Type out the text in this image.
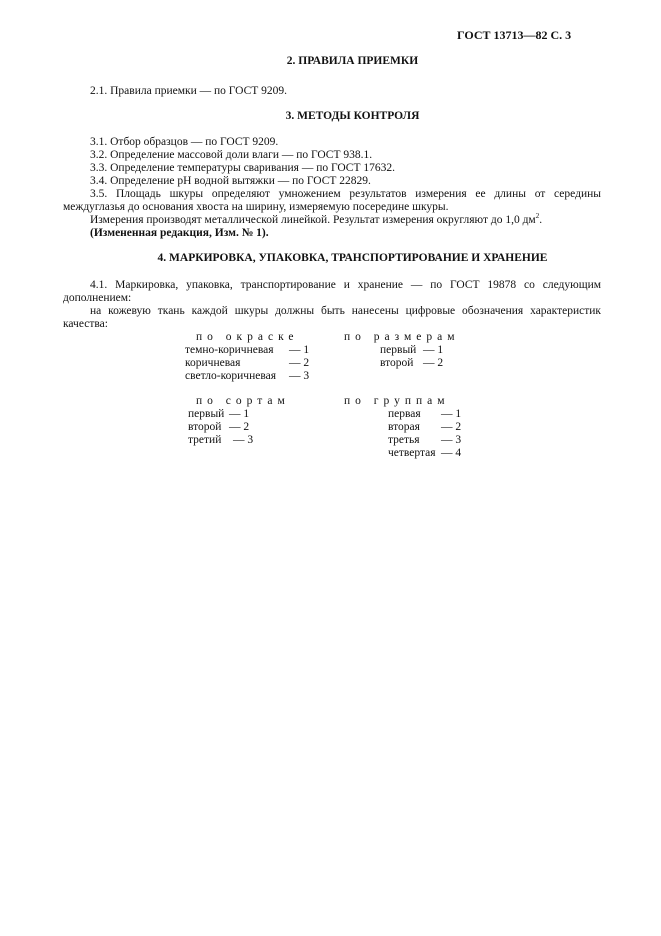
ГОСТ 13713—82 С. 3
2. ПРАВИЛА ПРИЕМКИ
2.1. Правила приемки — по ГОСТ 9209.
3. МЕТОДЫ КОНТРОЛЯ
3.1. Отбор образцов — по ГОСТ 9209.
3.2. Определение массовой доли влаги — по ГОСТ 938.1.
3.3. Определение температуры сваривания — по ГОСТ 17632.
3.4. Определение pH водной вытяжки — по ГОСТ 22829.
3.5. Площадь шкуры определяют умножением результатов измерения ее длины от середины
междуглазья до основания хвоста на ширину, измеряемую посередине шкуры.
Измерения производят металлической линейкой. Результат измерения округляют до 1,0 $дм^2$.
(Измененная редакция, Изм. № 1).
4. МАРКИРОВКА, УПАКОВКА, ТРАНСПОРТИРОВАНИЕ И ХРАНЕНИЕ
4.1. Маркировка, упаковка, транспортирование и хранение — по ГОСТ 19878 со следующим
дополнением:
на кожевую ткань каждой шкуры должны быть нанесены цифровые обозначения характеристик
качества:
по окраске
темно-коричневая — 1
коричневая	— 2
светло-коричневая — 3
по размерам
первый — 1
второй — 2
по сортам
первый — 1
второй — 2
третий — 3
по группам
первая — 1
вторая — 2
третья — 3
четвертая — 4
